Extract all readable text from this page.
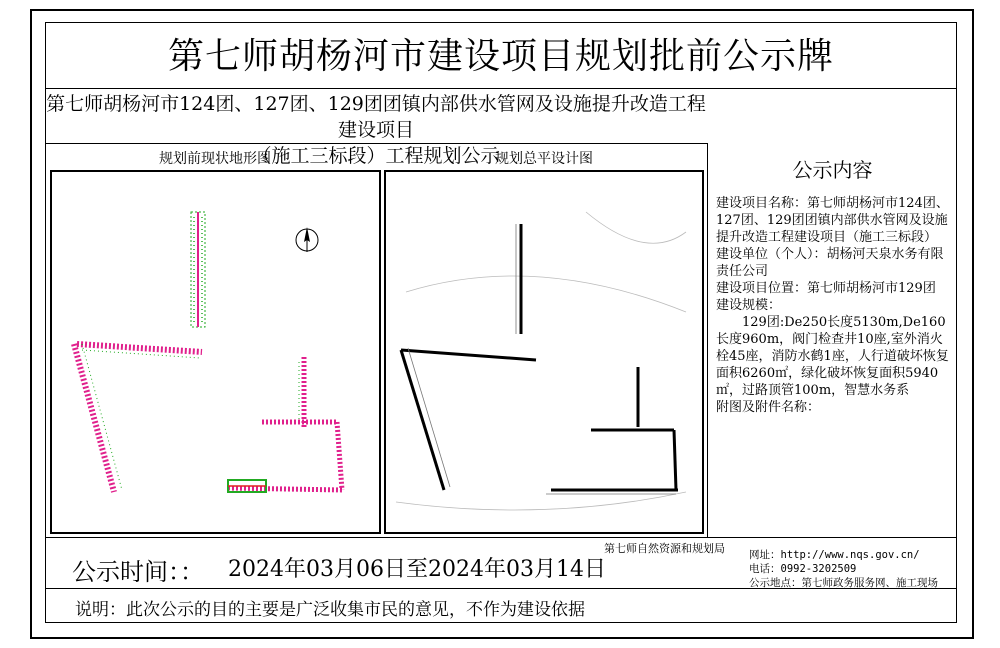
第七师胡杨河市建设项目规划批前公示牌
第七师胡杨河市124团、127团、129团团镇内部供水管网及设施提升改造工程建设项目
（施工三标段）工程规划公示
规划前现状地形图	规划总平设计图	公示内容

建设项目名称：第七师胡杨河市124团、127团、129团团镇内部供水管网及设施提升改造工程建设项目（施工三标段）

建设单位（个人）：胡杨河天泉水务有限责任公司

建设项目位置：第七师胡杨河市129团

建设规模：

129团:De250长度5130m,De160长度960m，阀门检查井10座,室外消火栓45座，消防水鹤1座，人行道破坏恢复面积6260㎡，绿化破坏恢复面积5940㎡，过路顶管100m，智慧水务系

附图及附件名称：

第七师自然资源和规划局	网址：http://www.nqs.gov.cn/
电话：0992-3202509
公示地点：第七师政务服务网、施工现场
公示时间：： 2024年03月06日至2024年03月14日
说明：此次公示的目的主要是广泛收集市民的意见，不作为建设依据
